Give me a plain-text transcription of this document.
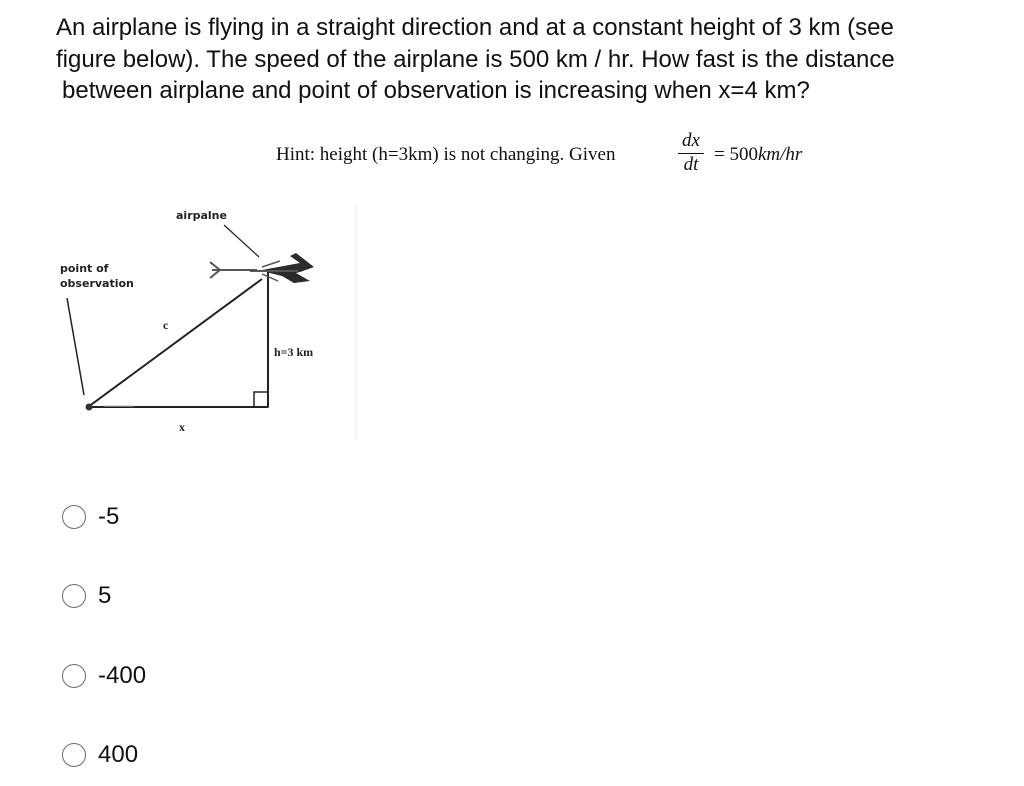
An airplane is flying in a straight direction and at a constant height of 3 km (see
figure below). The speed of the airplane is 500 km / hr. How fast is the distance
between airplane and point of observation is increasing when x=4 km?
Hint: height (h=3km) is not changing. Given
dx
dt = 500km/hr
airpalne
point of
observation
c
h=3 km
x
-5
5
-400
400
